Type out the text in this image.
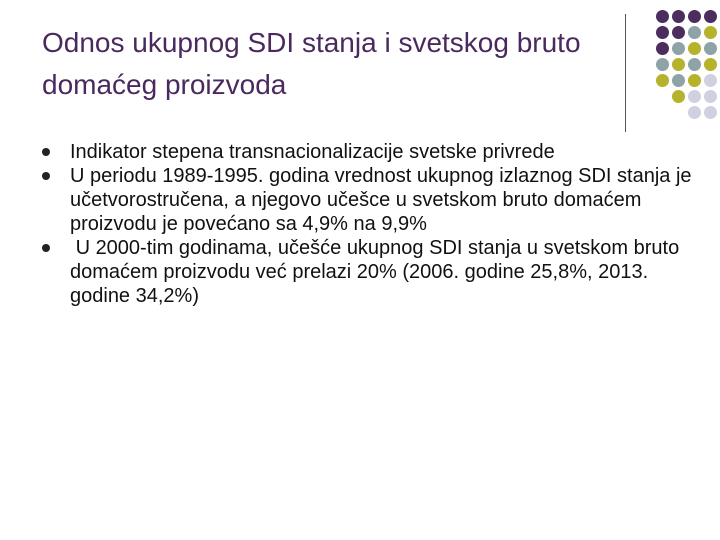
Odnos ukupnog SDI stanja i svetskog bruto domaćeg proizvoda
Indikator stepena transnacionalizacije svetske privrede
U periodu 1989-1995. godina vrednost ukupnog izlaznog SDI stanja je učetvorostručena, a njegovo učešce u svetskom bruto domaćem proizvodu je povećano sa 4,9% na 9,9%
U 2000-tim godinama, učešće ukupnog SDI stanja u svetskom bruto domaćem proizvodu već prelazi 20% (2006. godine 25,8%, 2013. godine 34,2%)
